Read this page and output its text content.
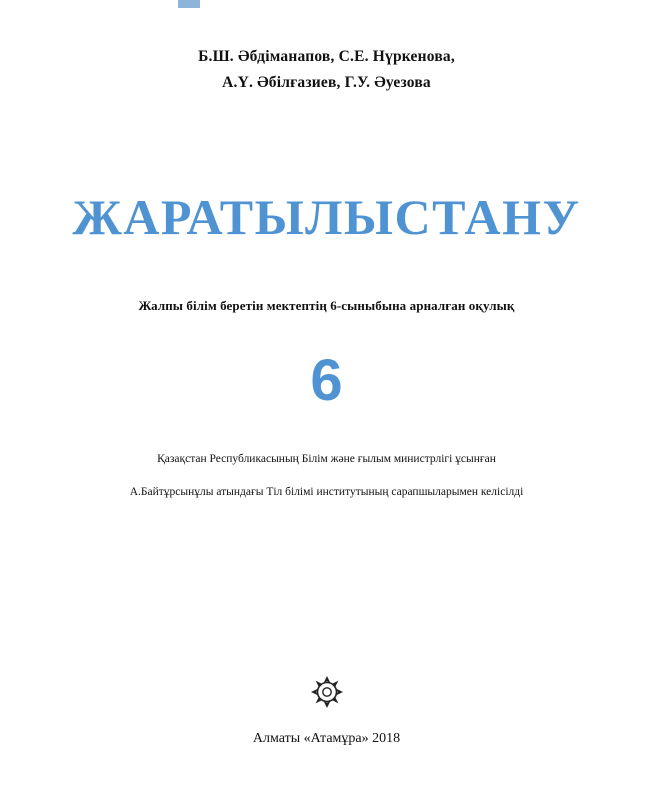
Б.Ш. Әбдіманапов, С.Е. Нүркенова,
А.Ү. Әбілғазиев, Г.У. Әуезова
ЖАРАТЫЛЫСТАНУ
Жалпы білім беретін мектептің 6-сыныбына арналған оқулық
6
Қазақстан Республикасының Білім және ғылым министрлігі ұсынған
А.Байтұрсынұлы атындағы Тіл білімі институтының сарапшыларымен келісілді
Алматы «Атамұра» 2018
